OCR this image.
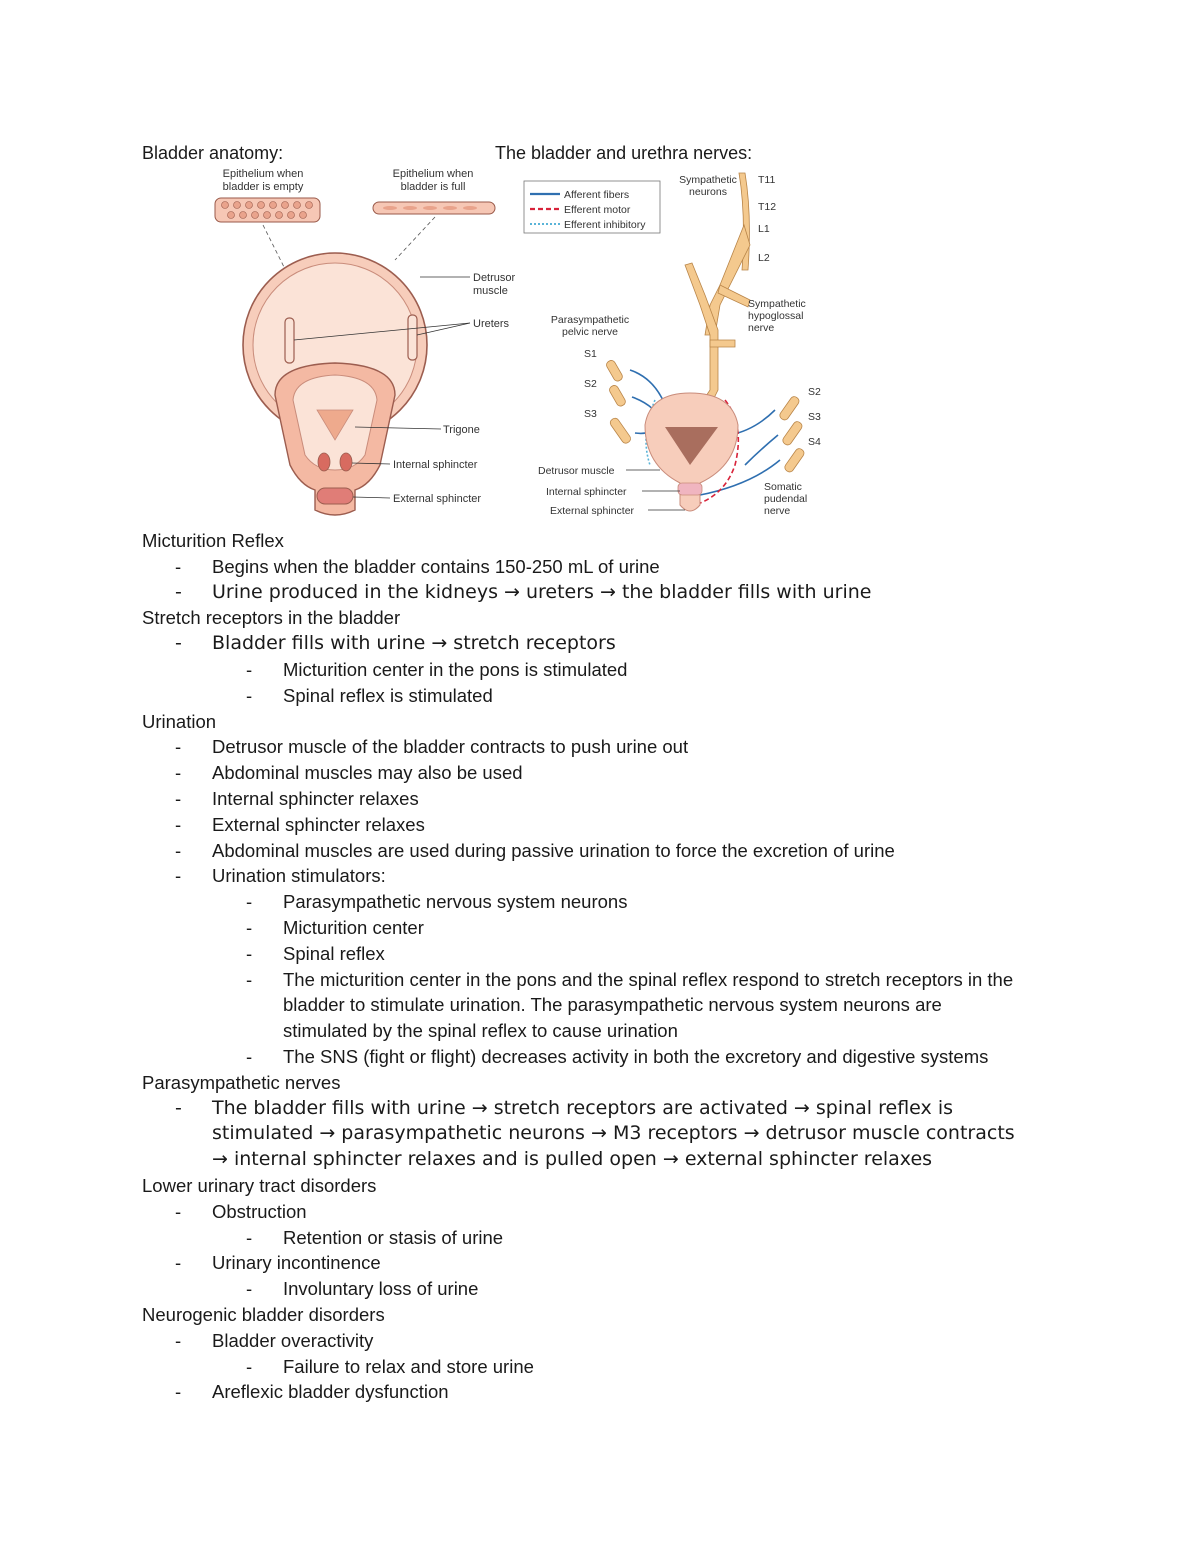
Bladder anatomy:	The bladder and urethra nerves:
Epithelium when
bladder is empty
Epithelium when
bladder is full
Detrusor
muscle
Ureters
Trigone
Internal sphincter
External sphincter
Afferent fibers
Efferent motor
Efferent inhibitory
Sympathetic
neurons
T11
T12
L1
L2
Sympathetic
hypoglossal
nerve
Parasympathetic
pelvic nerve
S1
S2
S3
S2
S3
S4
Detrusor muscle
Internal sphincter
External sphincter
Somatic
pudendal
nerve
Micturition Reflex
- Begins when the bladder contains 150-250 mL of urine
- Urine produced in the kidneys → ureters → the bladder fills with urine
Stretch receptors in the bladder
- Bladder fills with urine → stretch receptors
- Micturition center in the pons is stimulated
- Spinal reflex is stimulated
Urination
- Detrusor muscle of the bladder contracts to push urine out
- Abdominal muscles may also be used
- Internal sphincter relaxes
- External sphincter relaxes
- Abdominal muscles are used during passive urination to force the excretion of urine
- Urination stimulators:
- Parasympathetic nervous system neurons
- Micturition center
- Spinal reflex
- The micturition center in the pons and the spinal reflex respond to stretch receptors in the
bladder to stimulate urination. The parasympathetic nervous system neurons are
stimulated by the spinal reflex to cause urination
- The SNS (fight or flight) decreases activity in both the excretory and digestive systems
Parasympathetic nerves
- The bladder fills with urine → stretch receptors are activated → spinal reflex is
stimulated → parasympathetic neurons → M3 receptors → detrusor muscle contracts
→ internal sphincter relaxes and is pulled open → external sphincter relaxes
Lower urinary tract disorders
- Obstruction
- Retention or stasis of urine
- Urinary incontinence
- Involuntary loss of urine
Neurogenic bladder disorders
- Bladder overactivity
- Failure to relax and store urine
- Areflexic bladder dysfunction
